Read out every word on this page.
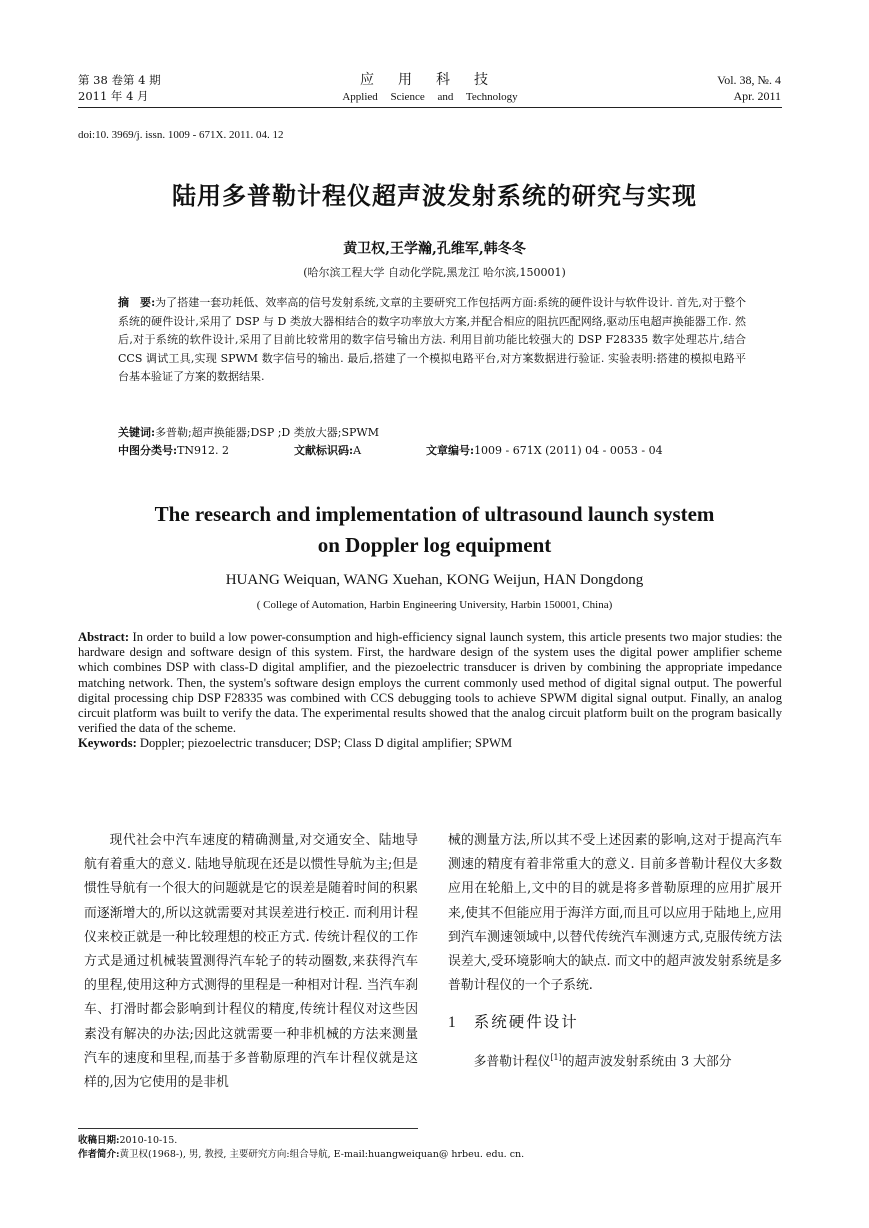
第 38 卷第 4 期
2011 年 4 月
应用科技
Applied Science and Technology
Vol. 38, №. 4
Apr. 2011
doi:10. 3969/j. issn. 1009 - 671X. 2011. 04. 12
陆用多普勒计程仪超声波发射系统的研究与实现
黄卫权,王学瀚,孔维军,韩冬冬
(哈尔滨工程大学 自动化学院,黑龙江 哈尔滨,150001)
摘　要:为了搭建一套功耗低、效率高的信号发射系统,文章的主要研究工作包括两方面:系统的硬件设计与软件设计. 首先,对于整个系统的硬件设计,采用了 DSP 与 D 类放大器相结合的数字功率放大方案,并配合相应的阻抗匹配网络,驱动压电超声换能器工作. 然后,对于系统的软件设计,采用了目前比较常用的数字信号输出方法. 利用目前功能比较强大的 DSP F28335 数字处理芯片,结合 CCS 调试工具,实现 SPWM 数字信号的输出. 最后,搭建了一个模拟电路平台,对方案数据进行验证. 实验表明:搭建的模拟电路平台基本验证了方案的数据结果.
关键词:多普勒;超声换能器;DSP ;D 类放大器;SPWM
中图分类号:TN912. 2	文献标识码:A	文章编号:1009 - 671X (2011) 04 - 0053 - 04
The research and implementation of ultrasound launch system
on Doppler log equipment
HUANG Weiquan, WANG Xuehan, KONG Weijun, HAN Dongdong
( College of Automation, Harbin Engineering University, Harbin 150001, China)
Abstract: In order to build a low power-consumption and high-efficiency signal launch system, this article presents two major studies: the hardware design and software design of this system. First, the hardware design of the system uses the digital power amplifier scheme which combines DSP with class-D digital amplifier, and the piezoelectric transducer is driven by combining the appropriate impedance matching network. Then, the system's software design employs the current commonly used method of digital signal output. The powerful digital processing chip DSP F28335 was combined with CCS debugging tools to achieve SPWM digital signal output. Finally, an analog circuit platform was built to verify the data. The experimental results showed that the analog circuit platform built on the program basically verified the data of the scheme.
Keywords: Doppler; piezoelectric transducer; DSP; Class D digital amplifier; SPWM

现代社会中汽车速度的精确测量,对交通安全、陆地导航有着重大的意义. 陆地导航现在还是以惯性导航为主;但是惯性导航有一个很大的问题就是它的误差是随着时间的积累而逐渐增大的,所以这就需要对其误差进行校正. 而利用计程仪来校正就是一种比较理想的校正方式. 传统计程仪的工作方式是通过机械装置测得汽车轮子的转动圈数,来获得汽车的里程,使用这种方式测得的里程是一种相对计程. 当汽车刹车、打滑时都会影响到计程仪的精度,传统计程仪对这些因素没有解决的办法;因此这就需要一种非机械的方法来测量汽车的速度和里程,而基于多普勒原理的汽车计程仪就是这样的,因为它使用的是非机

械的测量方法,所以其不受上述因素的影响,这对于提高汽车测速的精度有着非常重大的意义. 目前多普勒计程仪大多数应用在轮船上,文中的目的就是将多普勒原理的应用扩展开来,使其不但能应用于海洋方面,而且可以应用于陆地上,应用到汽车测速领域中,以替代传统汽车测速方式,克服传统方法误差大,受环境影响大的缺点. 而文中的超声波发射系统是多普勒计程仪的一个子系统.

1 系统硬件设计

多普勒计程仪[1]的超声波发射系统由 3 大部分

收稿日期:2010-10-15.
作者简介:黄卫权(1968-), 男, 教授, 主要研究方向:组合导航, E-mail:huangweiquan@ hrbeu. edu. cn.
